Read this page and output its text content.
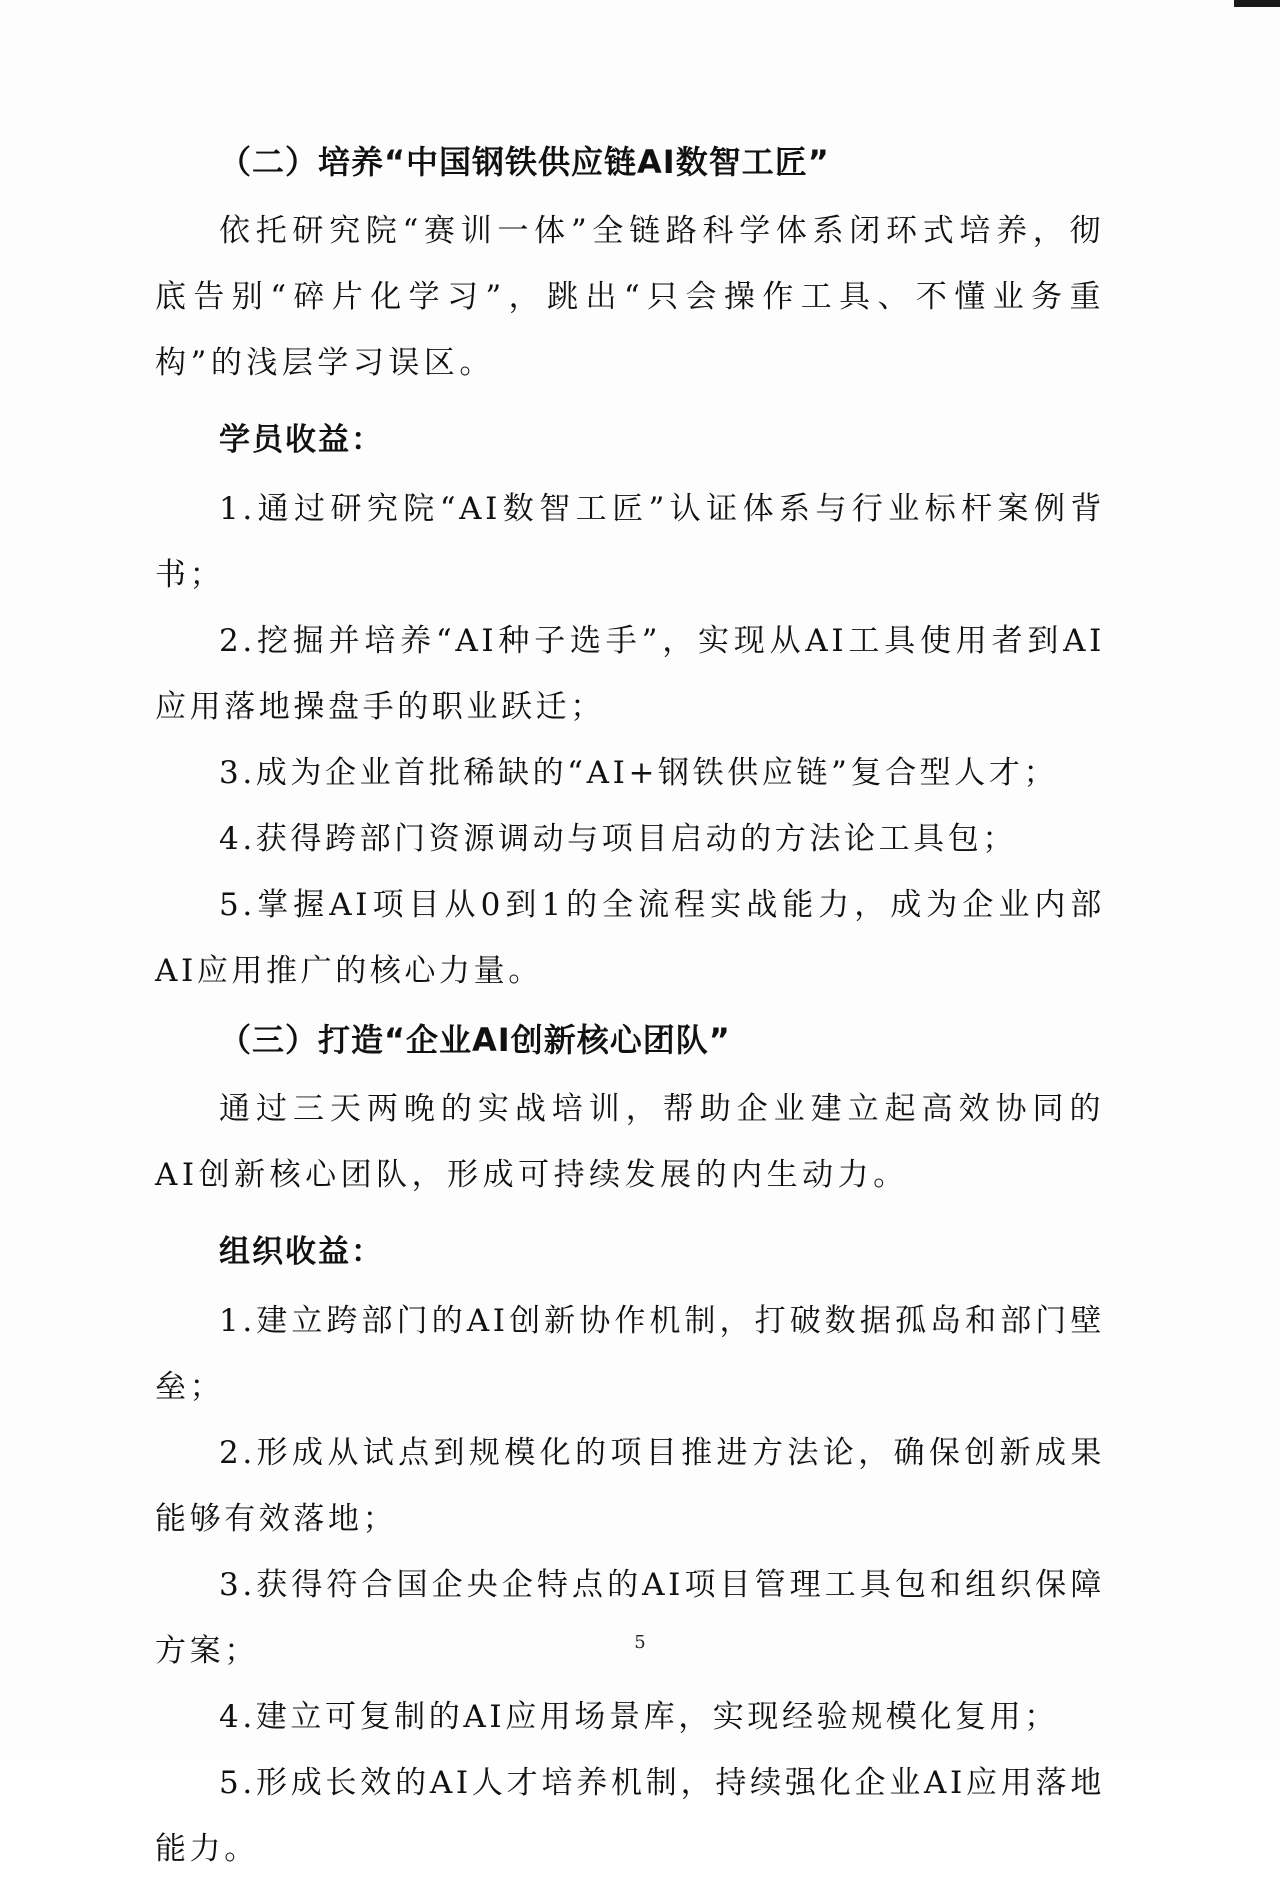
（二）培养“中国钢铁供应链AI数智工匠”

依托研究院“赛训一体”全链路科学体系闭环式培养，彻底告别“碎片化学习”，跳出“只会操作工具、不懂业务重构”的浅层学习误区。

学员收益：

1.通过研究院“AI数智工匠”认证体系与行业标杆案例背书；

2.挖掘并培养“AI种子选手”，实现从AI工具使用者到AI应用落地操盘手的职业跃迁；

3.成为企业首批稀缺的“AI+钢铁供应链”复合型人才；

4.获得跨部门资源调动与项目启动的方法论工具包；

5.掌握AI项目从0到1的全流程实战能力，成为企业内部AI应用推广的核心力量。

（三）打造“企业AI创新核心团队”

通过三天两晚的实战培训，帮助企业建立起高效协同的AI创新核心团队，形成可持续发展的内生动力。

组织收益：

1.建立跨部门的AI创新协作机制，打破数据孤岛和部门壁垒；

2.形成从试点到规模化的项目推进方法论，确保创新成果能够有效落地；

3.获得符合国企央企特点的AI项目管理工具包和组织保障方案；

4.建立可复制的AI应用场景库，实现经验规模化复用；

5.形成长效的AI人才培养机制，持续强化企业AI应用落地能力。

5
